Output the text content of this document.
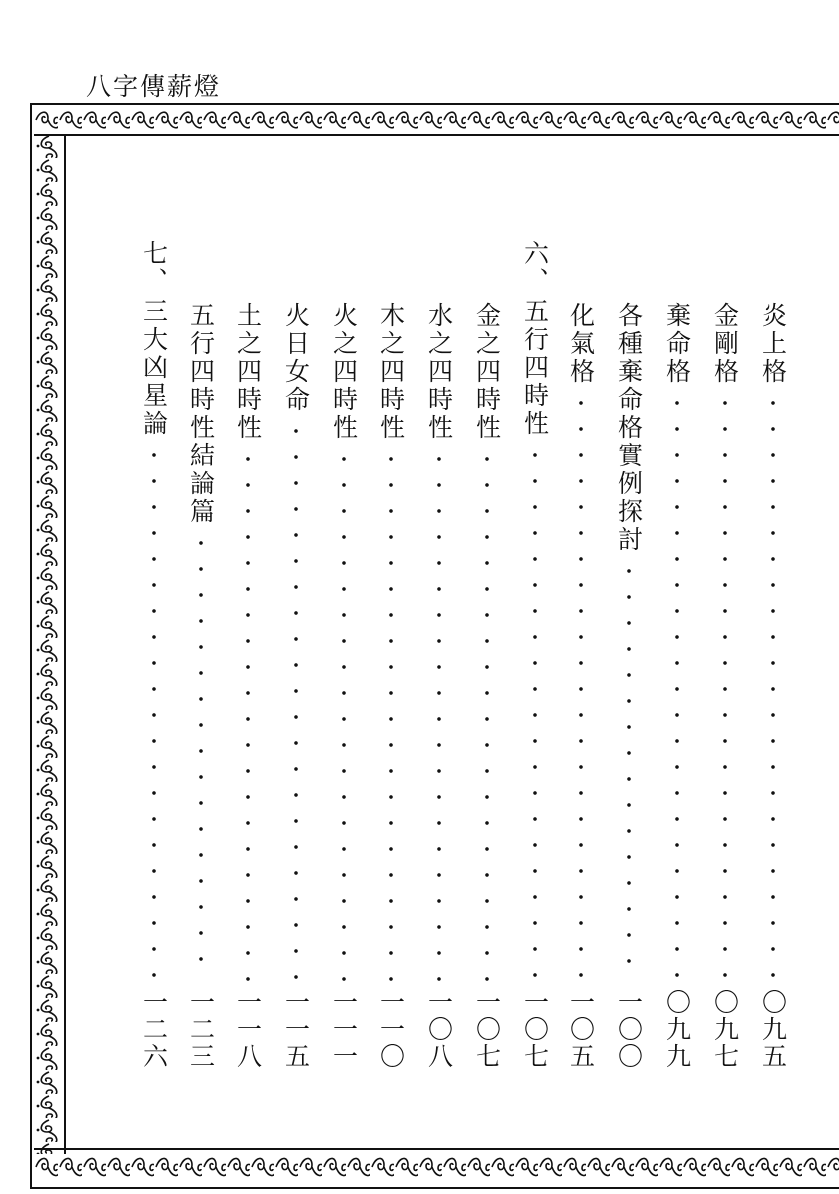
八字傳薪燈
炎上格
〇九五
金剛格
〇九七
棄命格
〇九九
各種棄命格實例探討
一〇〇
化氣格
一〇五
六、
五行四時性
一〇七
金之四時性
一〇七
水之四時性
一〇八
木之四時性
一一〇
火之四時性
一一一
火日女命
一一五
土之四時性
一一八
五行四時性結論篇
一二三
七、
三大凶星論
一二六
